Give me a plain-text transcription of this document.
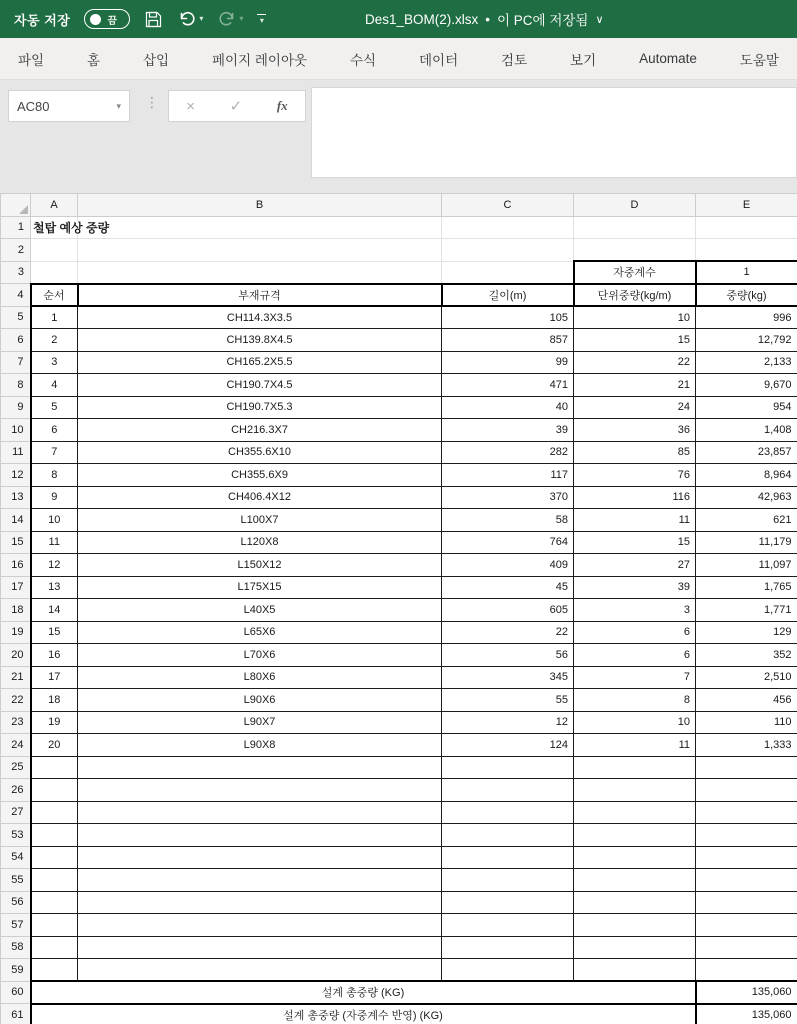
자동 저장	끔	▾	▾ ▾	Des1_BOM(2).xlsx • 이 PC에 저장됨 ∨
파일	홈	삽입	페이지 레이아웃	수식	데이터	검토	보기	Automate	도움말
AC80	▾ ⋮ × ✓	fx
	A	B	C	D	E
1	철탑 예상 중량				
2					
3				자중계수	1
4	순서	부재규격	길이(m)	단위중량(kg/m)	중량(kg)
5	1	CH114.3X3.5	105	10	996
6	2	CH139.8X4.5	857	15	12,792
7	3	CH165.2X5.5	99	22	2,133
8	4	CH190.7X4.5	471	21	9,670
9	5	CH190.7X5.3	40	24	954
10	6	CH216.3X7	39	36	1,408
11	7	CH355.6X10	282	85	23,857
12	8	CH355.6X9	117	76	8,964
13	9	CH406.4X12	370	116	42,963
14	10	L100X7	58	11	621
15	11	L120X8	764	15	11,179
16	12	L150X12	409	27	11,097
17	13	L175X15	45	39	1,765
18	14	L40X5	605	3	1,771
19	15	L65X6	22	6	129
20	16	L70X6	56	6	352
21	17	L80X6	345	7	2,510
22	18	L90X6	55	8	456
23	19	L90X7	12	10	110
24	20	L90X8	124	11	1,333
25					
26					
27					
53					
54					
55					
56					
57					
58					
59					
60	설계 총중량 (KG)				135,060
61	설계 총중량 (자중계수 반영) (KG)				135,060
